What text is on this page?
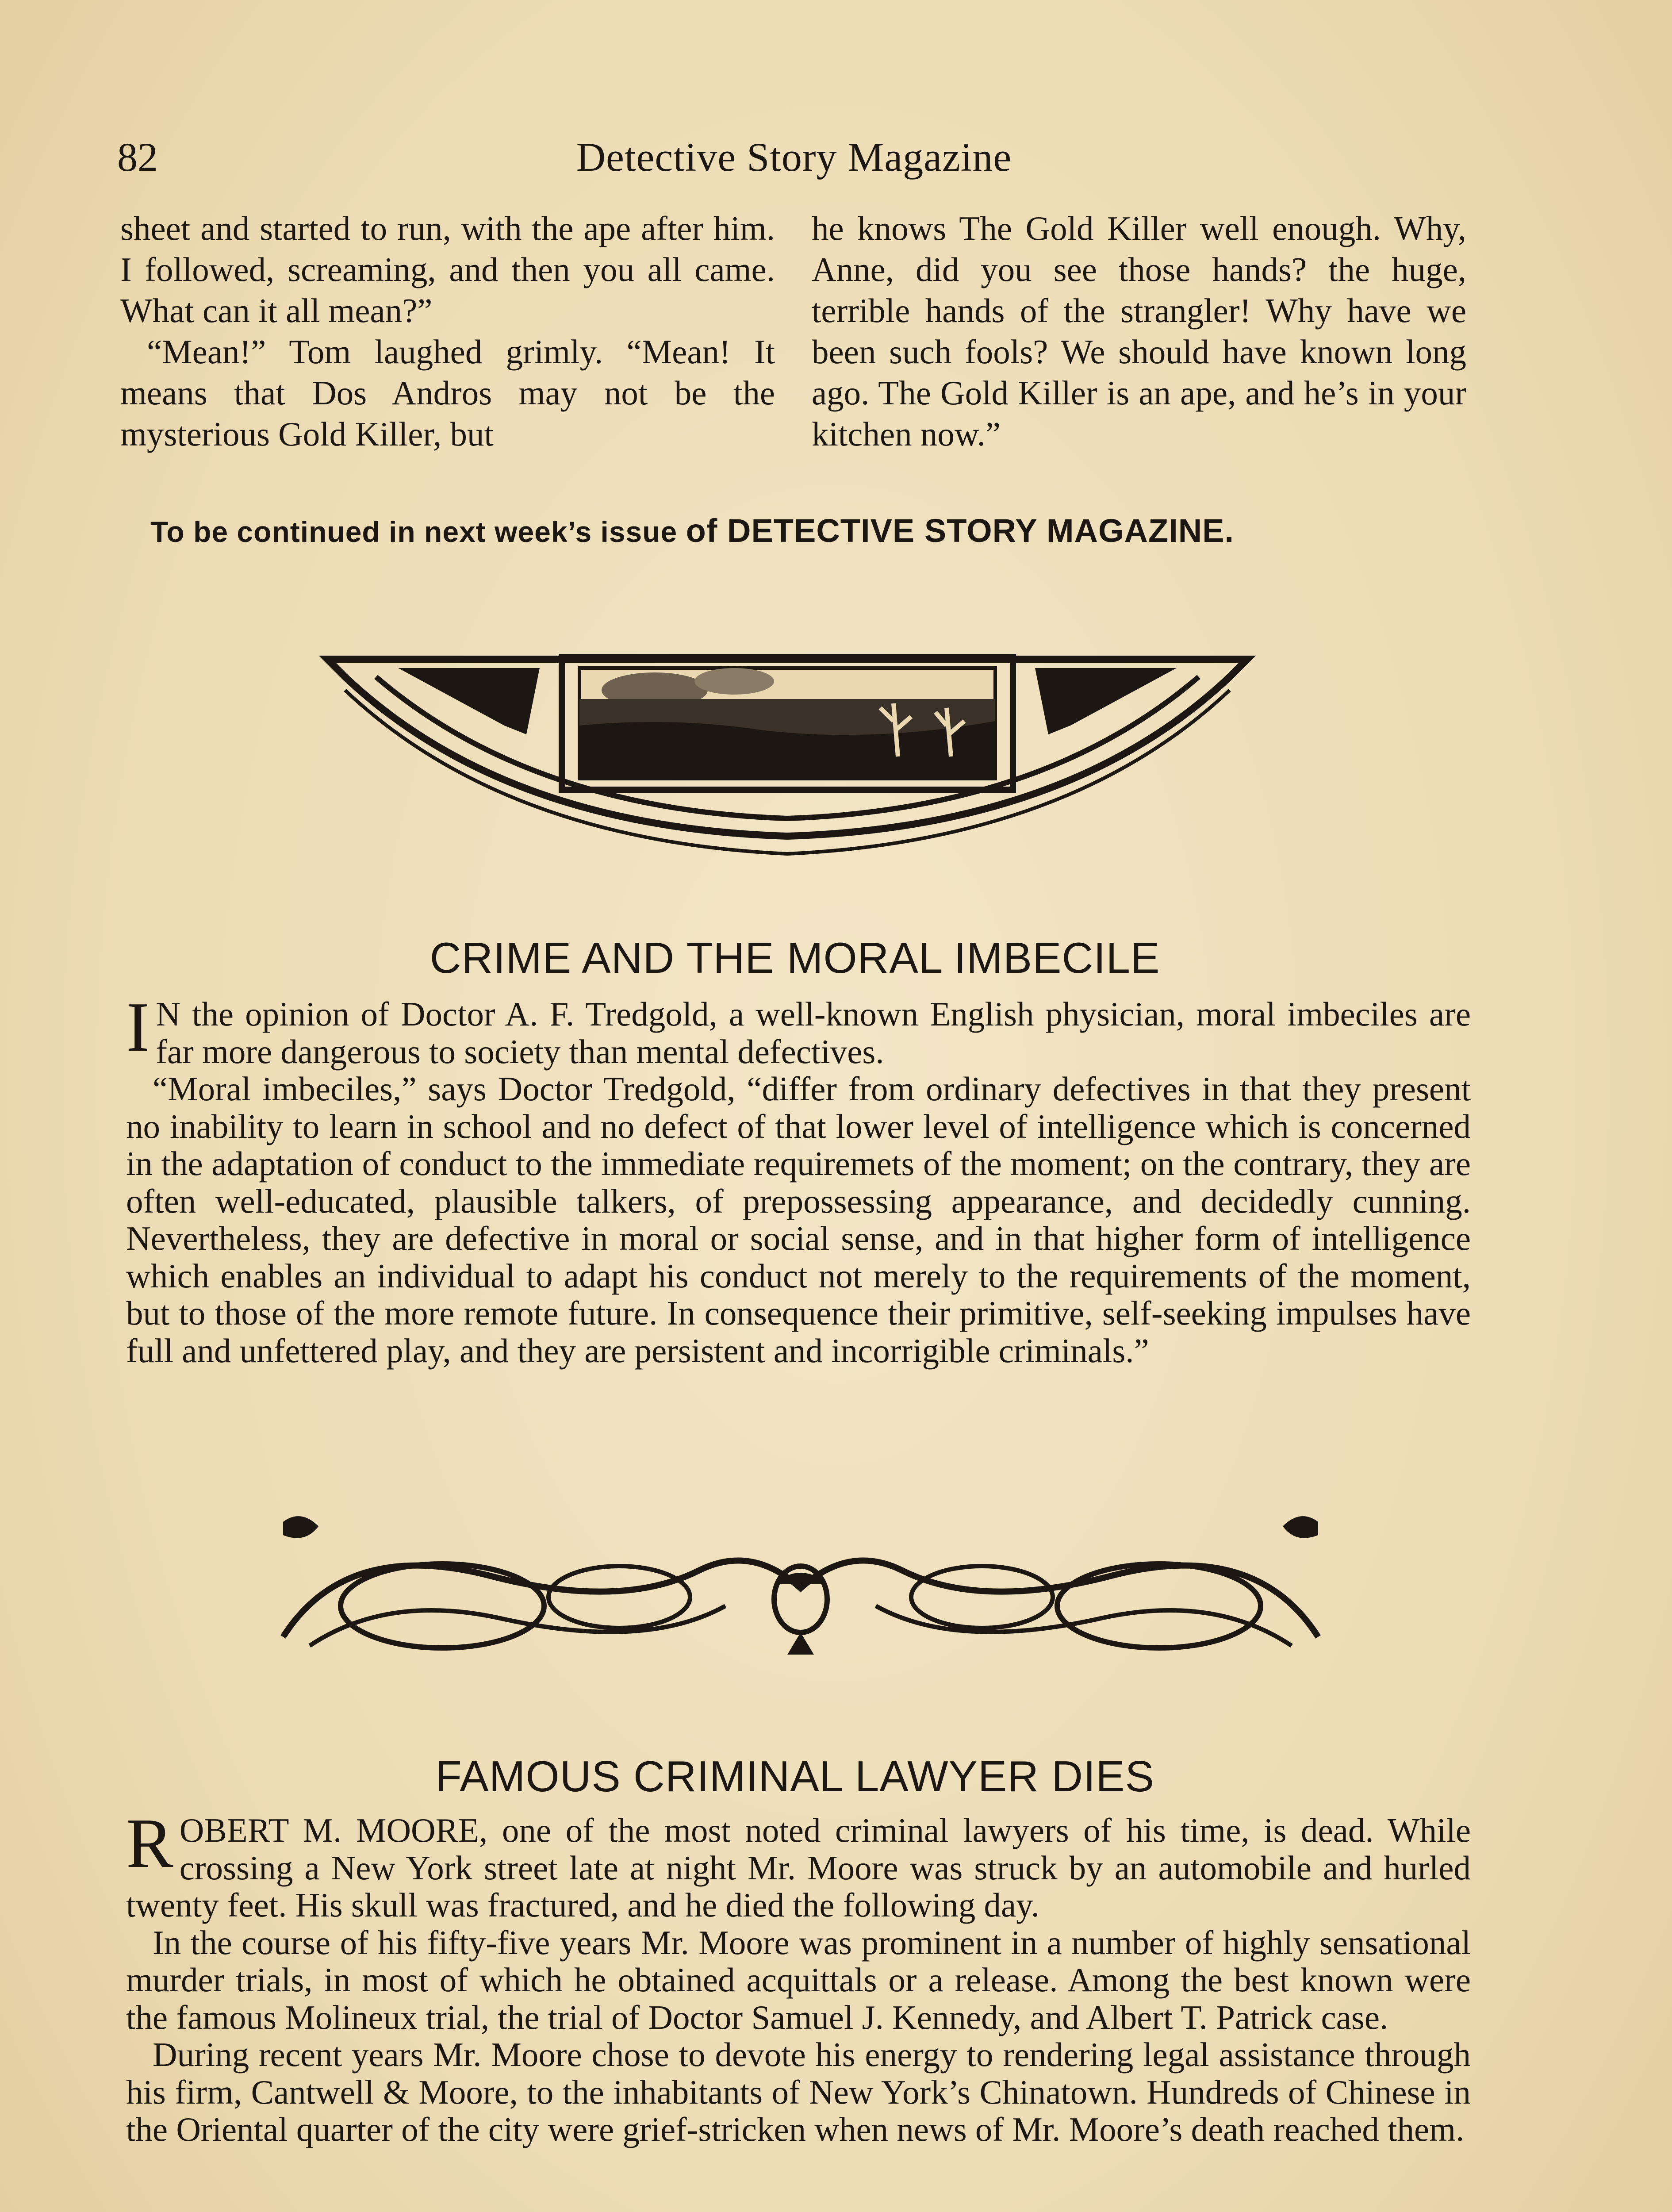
82	Detective Story Magazine

sheet and started to run, with the ape after him. I followed, screaming, and then you all came. What can it all mean?”

“Mean!” Tom laughed grimly. “Mean! It means that Dos Andros may not be the mysterious Gold Killer, but

he knows The Gold Killer well enough. Why, Anne, did you see those hands? the huge, terrible hands of the strangler! Why have we been such fools? We should have known long ago. The Gold Killer is an ape, and he’s in your kitchen now.”

To be continued in next week’s issue of DETECTIVE STORY MAGAZINE.
CRIME AND THE MORAL IMBECILE

I N the opinion of Doctor A. F. Tredgold, a well-known English physician, moral imbeciles are far more dangerous to society than mental defectives.

“Moral imbeciles,” says Doctor Tredgold, “differ from ordinary defectives in that they present no inability to learn in school and no defect of that lower level of intelligence which is concerned in the adaptation of conduct to the immediate requiremets of the moment; on the contrary, they are often well-educated, plausible talkers, of prepossessing appearance, and decidedly cunning. Nevertheless, they are defective in moral or social sense, and in that higher form of intelligence which enables an individual to adapt his conduct not merely to the requirements of the moment, but to those of the more remote future. In consequence their primitive, self-seeking impulses have full and unfettered play, and they are persistent and incorrigible criminals.”

FAMOUS CRIMINAL LAWYER DIES

ROBERT M. MOORE, one of the most noted criminal lawyers of his time, is dead. While crossing a New York street late at night Mr. Moore was struck by an automobile and hurled twenty feet. His skull was fractured, and he died the following day.

In the course of his fifty-five years Mr. Moore was prominent in a number of highly sensational murder trials, in most of which he obtained acquittals or a release. Among the best known were the famous Molineux trial, the trial of Doctor Samuel J. Kennedy, and Albert T. Patrick case.

During recent years Mr. Moore chose to devote his energy to rendering legal assistance through his firm, Cantwell & Moore, to the inhabitants of New York’s Chinatown. Hundreds of Chinese in the Oriental quarter of the city were grief-stricken when news of Mr. Moore’s death reached them.
